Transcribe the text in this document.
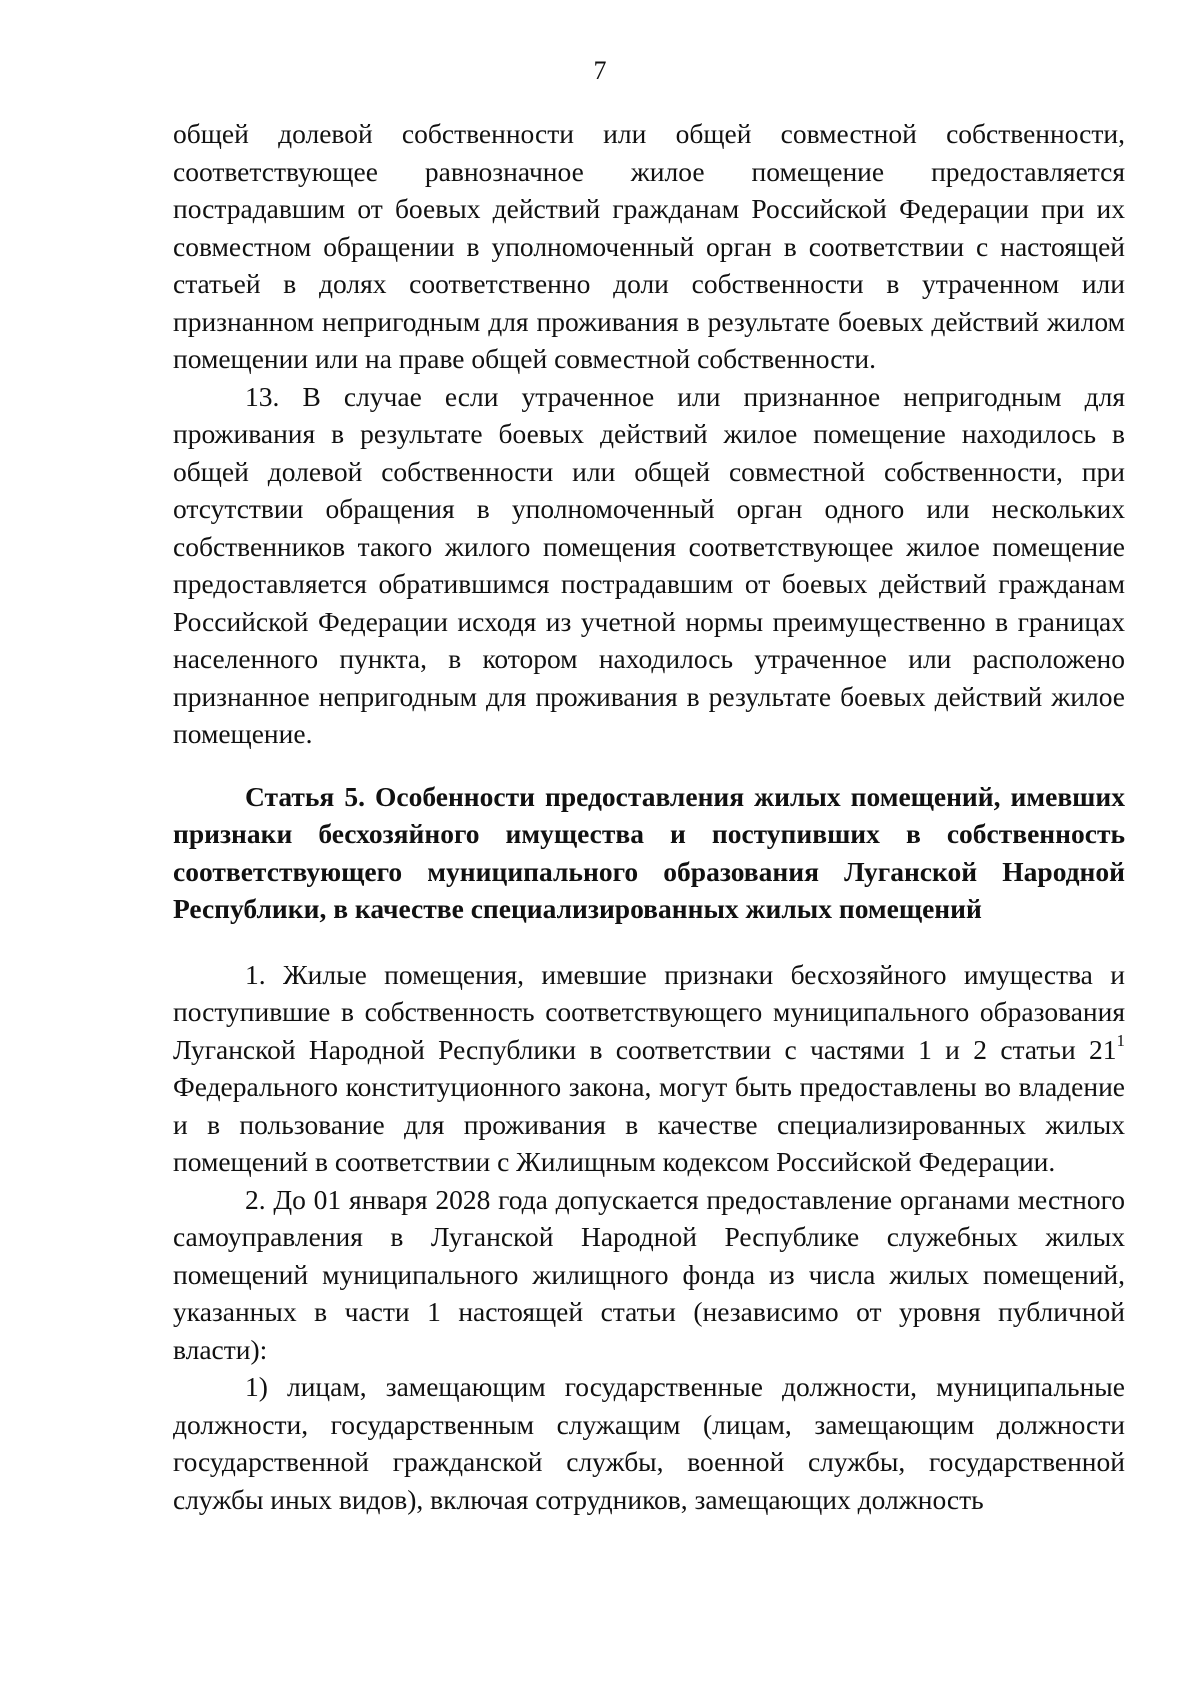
7

общей долевой собственности или общей совместной собственности, соответствующее равнозначное жилое помещение предоставляется пострадавшим от боевых действий гражданам Российской Федерации при их совместном обращении в уполномоченный орган в соответствии с настоящей статьей в долях соответственно доли собственности в утраченном или признанном непригодным для проживания в результате боевых действий жилом помещении или на праве общей совместной собственности.

13. В случае если утраченное или признанное непригодным для проживания в результате боевых действий жилое помещение находилось в общей долевой собственности или общей совместной собственности, при отсутствии обращения в уполномоченный орган одного или нескольких собственников такого жилого помещения соответствующее жилое помещение предоставляется обратившимся пострадавшим от боевых действий гражданам Российской Федерации исходя из учетной нормы преимущественно в границах населенного пункта, в котором находилось утраченное или расположено признанное непригодным для проживания в результате боевых действий жилое помещение.

Статья 5. Особенности предоставления жилых помещений, имевших признаки бесхозяйного имущества и поступивших в собственность соответствующего муниципального образования Луганской Народной Республики, в качестве специализированных жилых помещений

1. Жилые помещения, имевшие признаки бесхозяйного имущества и поступившие в собственность соответствующего муниципального образования Луганской Народной Республики в соответствии с частями 1 и 2 статьи $21^1$ Федерального конституционного закона, могут быть предоставлены во владение и в пользование для проживания в качестве специализированных жилых помещений в соответствии с Жилищным кодексом Российской Федерации.

2. До 01 января 2028 года допускается предоставление органами местного самоуправления в Луганской Народной Республике служебных жилых помещений муниципального жилищного фонда из числа жилых помещений, указанных в части 1 настоящей статьи (независимо от уровня публичной власти):

1) лицам, замещающим государственные должности, муниципальные должности, государственным служащим (лицам, замещающим должности государственной гражданской службы, военной службы, государственной службы иных видов), включая сотрудников, замещающих должность
